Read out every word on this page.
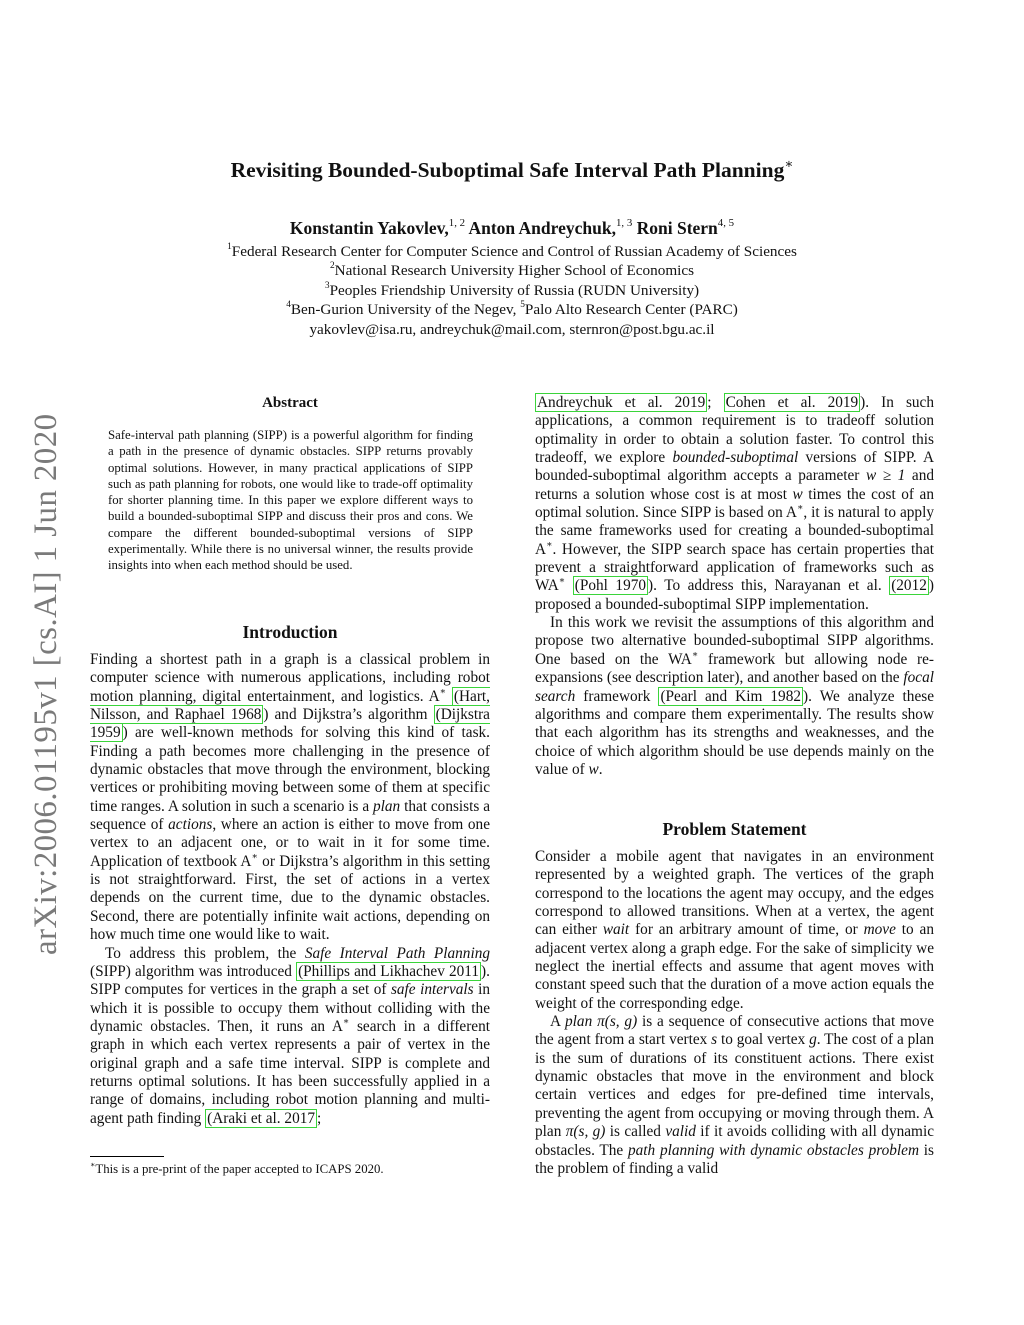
Revisiting Bounded-Suboptimal Safe Interval Path Planning∗
Konstantin Yakovlev,$^{1, 2}$ Anton Andreychuk,$^{1, 3}$ Roni Stern$^{4, 5}$
$^1$Federal Research Center for Computer Science and Control of Russian Academy of Sciences
$^2$National Research University Higher School of Economics
$^3$Peoples Friendship University of Russia (RUDN University)
$^4$Ben-Gurion University of the Negev, $^5$Palo Alto Research Center (PARC)
yakovlev@isa.ru, andreychuk@mail.com, sternron@post.bgu.ac.il
arXiv:2006.01195v1 [cs.AI] 1 Jun 2020
Abstract
Safe-interval path planning (SIPP) is a powerful algorithm for finding a path in the presence of dynamic obstacles. SIPP returns provably optimal solutions. However, in many practical applications of SIPP such as path planning for robots, one would like to trade-off optimality for shorter planning time. In this paper we explore different ways to build a bounded-suboptimal SIPP and discuss their pros and cons. We compare the different bounded-suboptimal versions of SIPP experimentally. While there is no universal winner, the results provide insights into when each method should be used.
Introduction

Finding a shortest path in a graph is a classical problem in computer science with numerous applications, including robot motion planning, digital entertainment, and logistics. A∗ (Hart, Nilsson, and Raphael 1968 ) and Dijkstra’s algorithm (Dijkstra 1959 ) are well-known methods for solving this kind of task. Finding a path becomes more challenging in the presence of dynamic obstacles that move through the environment, blocking vertices or prohibiting moving between some of them at specific time ranges. A solution in such a scenario is a plan that consists a sequence of actions, where an action is either to move from one vertex to an adjacent one, or to wait in it for some time. Application of textbook A∗ or Dijkstra’s algorithm in this setting is not straightforward. First, the set of actions in a vertex depends on the current time, due to the dynamic obstacles. Second, there are potentially infinite wait actions, depending on how much time one would like to wait.

To address this problem, the Safe Interval Path Planning (SIPP) algorithm was introduced (Phillips and Likhachev 2011 ). SIPP computes for vertices in the graph a set of safe intervals in which it is possible to occupy them without colliding with the dynamic obstacles. Then, it runs an A∗ search in a different graph in which each vertex represents a pair of vertex in the original graph and a safe time interval. SIPP is complete and returns optimal solutions. It has been successfully applied in a range of domains, including robot motion planning and multi-agent path finding (Araki et al. 2017 ;

∗This is a pre-print of the paper accepted to ICAPS 2020.

Andreychuk et al. 2019 ; Cohen et al. 2019 ). In such applications, a common requirement is to tradeoff solution optimality in order to obtain a solution faster. To control this tradeoff, we explore bounded-suboptimal versions of SIPP. A bounded-suboptimal algorithm accepts a parameter w ≥ 1 and returns a solution whose cost is at most w times the cost of an optimal solution. Since SIPP is based on A∗, it is natural to apply the same frameworks used for creating a bounded-suboptimal A∗. However, the SIPP search space has certain properties that prevent a straightforward application of frameworks such as WA∗ (Pohl 1970 ). To address this, Narayanan et al. (2012 ) proposed a bounded-suboptimal SIPP implementation.

In this work we revisit the assumptions of this algorithm and propose two alternative bounded-suboptimal SIPP algorithms. One based on the WA∗ framework but allowing node re-expansions (see description later), and another based on the focal search framework (Pearl and Kim 1982 ). We analyze these algorithms and compare them experimentally. The results show that each algorithm has its strengths and weaknesses, and the choice of which algorithm should be use depends mainly on the value of w.

Problem Statement

Consider a mobile agent that navigates in an environment represented by a weighted graph. The vertices of the graph correspond to the locations the agent may occupy, and the edges correspond to allowed transitions. When at a vertex, the agent can either wait for an arbitrary amount of time, or move to an adjacent vertex along a graph edge. For the sake of simplicity we neglect the inertial effects and assume that agent moves with constant speed such that the duration of a move action equals the weight of the corresponding edge.

A plan π(s, g) is a sequence of consecutive actions that move the agent from a start vertex s to goal vertex g. The cost of a plan is the sum of durations of its constituent actions. There exist dynamic obstacles that move in the environment and block certain vertices and edges for pre-defined time intervals, preventing the agent from occupying or moving through them. A plan π(s, g) is called valid if it avoids colliding with all dynamic obstacles. The path planning with dynamic obstacles problem is the problem of finding a valid
